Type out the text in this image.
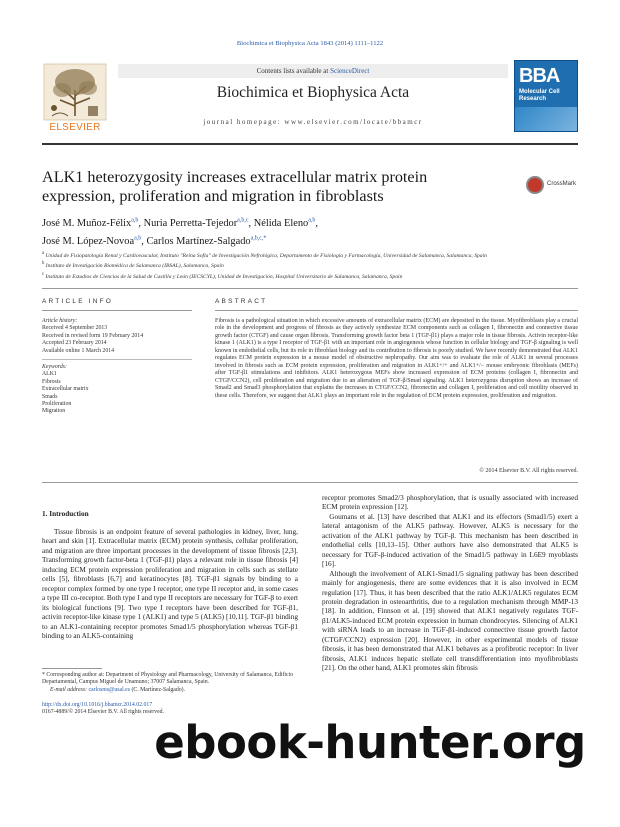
Biochimica et Biophysica Acta 1843 (2014) 1111–1122
ELSEVIER
Contents lists available at ScienceDirect
Biochimica et Biophysica Acta
journal homepage: www.elsevier.com/locate/bbamcr
BBA
Molecular Cell Research
ALK1 heterozygosity increases extracellular matrix protein expression, proliferation and migration in fibroblasts
CrossMark
José M. Muñoz-Félix$^{a,b}$, Nuria Perretta-Tejedor$^{a,b,c}$, Nélida Eleno$^{a,b}$,
José M. López-Novoa$^{a,b}$, Carlos Martínez-Salgado$^{a,b,c,*}$
$^a$ Unidad de Fisiopatología Renal y Cardiovascular, Instituto "Reina Sofía" de Investigación Nefrológica, Departamento de Fisiología y Farmacología, Universidad de Salamanca, Salamanca, Spain
$^b$ Instituto de Investigación Biomédica de Salamanca (IBSAL), Salamanca, Spain
$^c$ Instituto de Estudios de Ciencias de la Salud de Castilla y León (IECSCYL), Unidad de Investigación, Hospital Universitario de Salamanca, Salamanca, Spain
ARTICLE INFO	ABSTRACT
Article history:
Received 4 September 2013
Received in revised form 19 February 2014
Accepted 23 February 2014
Available online 1 March 2014
Keywords:
ALK1
Fibrosis
Extracellular matrix
Smads
Proliferation
Migration
Fibrosis is a pathological situation in which excessive amounts of extracellular matrix (ECM) are deposited in the tissue. Myofibroblasts play a crucial role in the development and progress of fibrosis as they actively synthesize ECM components such as collagen I, fibronectin and connective tissue growth factor (CTGF) and cause organ fibrosis. Transforming growth factor beta 1 (TGF-β1) plays a major role in tissue fibrosis. Activin receptor-like kinase 1 (ALK1) is a type I receptor of TGF-β1 with an important role in angiogenesis whose function in cellular biology and TGF-β signaling is well known in endothelial cells, but its role in fibroblast biology and its contribution to fibrosis is poorly studied. We have recently demonstrated that ALK1 regulates ECM protein expression in a mouse model of obstructive nephropathy. Our aim was to evaluate the role of ALK1 in several processes involved in fibrosis such as ECM protein expression, proliferation and migration in ALK1+/+ and ALK1+/− mouse embryonic fibroblasts (MEFs) after TGF-β1 stimulations and inhibitors. ALK1 heterozygous MEFs show increased expression of ECM proteins (collagen I, fibronectin and CTGF/CCN2), cell proliferation and migration due to an alteration of TGF-β/Smad signaling. ALK1 heterozygous disruption shows an increase of Smad2 and Smad3 phosphorylation that explains the increases in CTGF/CCN2, fibronectin and collagen I, proliferation and cell motility observed in these cells. Therefore, we suggest that ALK1 plays an important role in the regulation of ECM protein expression, proliferation and migration.
© 2014 Elsevier B.V. All rights reserved.
1. Introduction
Tissue fibrosis is an endpoint feature of several pathologies in kidney, liver, lung, heart and skin [1]. Extracellular matrix (ECM) protein synthesis, cellular proliferation, and migration are three important processes in the development of tissue fibrosis [2,3]. Transforming growth factor-beta 1 (TGF-β1) plays a relevant role in tissue fibrosis [4] inducing ECM protein expression proliferation and migration in cells such as stellate cells [5], fibroblasts [6,7] and keratinocytes [8]. TGF-β1 signals by binding to a receptor complex formed by one type I receptor, one type II receptor and, in some cases a type III co-receptor. Both type I and type II receptors are necessary for TGF-β to exert its biological functions [9]. Two type I receptors have been described for TGF-β1, activin receptor-like kinase type 1 (ALK1) and type 5 (ALK5) [10,11]. TGF-β1 binding to an ALK1-containing receptor promotes Smad1/5 phosphorylation whereas TGF-β1 binding to an ALK5-containing
receptor promotes Smad2/3 phosphorylation, that is usually associated with increased ECM protein expression [12].
 Goumans et al. [13] have described that ALK1 and its effectors (Smad1/5) exert a lateral antagonism of the ALK5 pathway. However, ALK5 is necessary for the activation of the ALK1 pathway by TGF-β. This mechanism has been described in endothelial cells [10,13–15]. Other authors have also demonstrated that ALK5 is necessary for TGF-β-induced activation of the Smad1/5 pathway in L6E9 myoblasts [16].
 Although the involvement of ALK1-Smad1/5 signaling pathway has been described mainly for angiogenesis, there are some evidences that it is also involved in ECM regulation [17]. Thus, it has been described that the ratio ALK1/ALK5 regulates ECM protein degradation in osteoarthritis, due to a regulation mechanism through MMP-13 [18]. In addition, Finnson et al. [19] showed that ALK1 negatively regulates TGF-β1/ALK5-induced ECM protein expression in human chondrocytes. Silencing of ALK1 with siRNA leads to an increase in TGF-β1-induced connective tissue growth factor (CTGF/CCN2) expression [20]. However, in other experimental models of tissue fibrosis, it has been demonstrated that ALK1 behaves as a profibrotic receptor: In liver fibrosis, ALK1 induces hepatic stellate cell transdifferentiation into myofibroblasts [21]. On the other hand, ALK1 promotes skin fibrosis
* Corresponding author at: Department of Physiology and Pharmacology, University of Salamanca, Edificio Departamental, Campus Miguel de Unamuno; 37007 Salamanca, Spain.
E-mail address: carlosms@usal.es (C. Martínez-Salgado).
http://dx.doi.org/10.1016/j.bbamcr.2014.02.017
0167-4889/© 2014 Elsevier B.V. All rights reserved.
ebook-hunter.org
